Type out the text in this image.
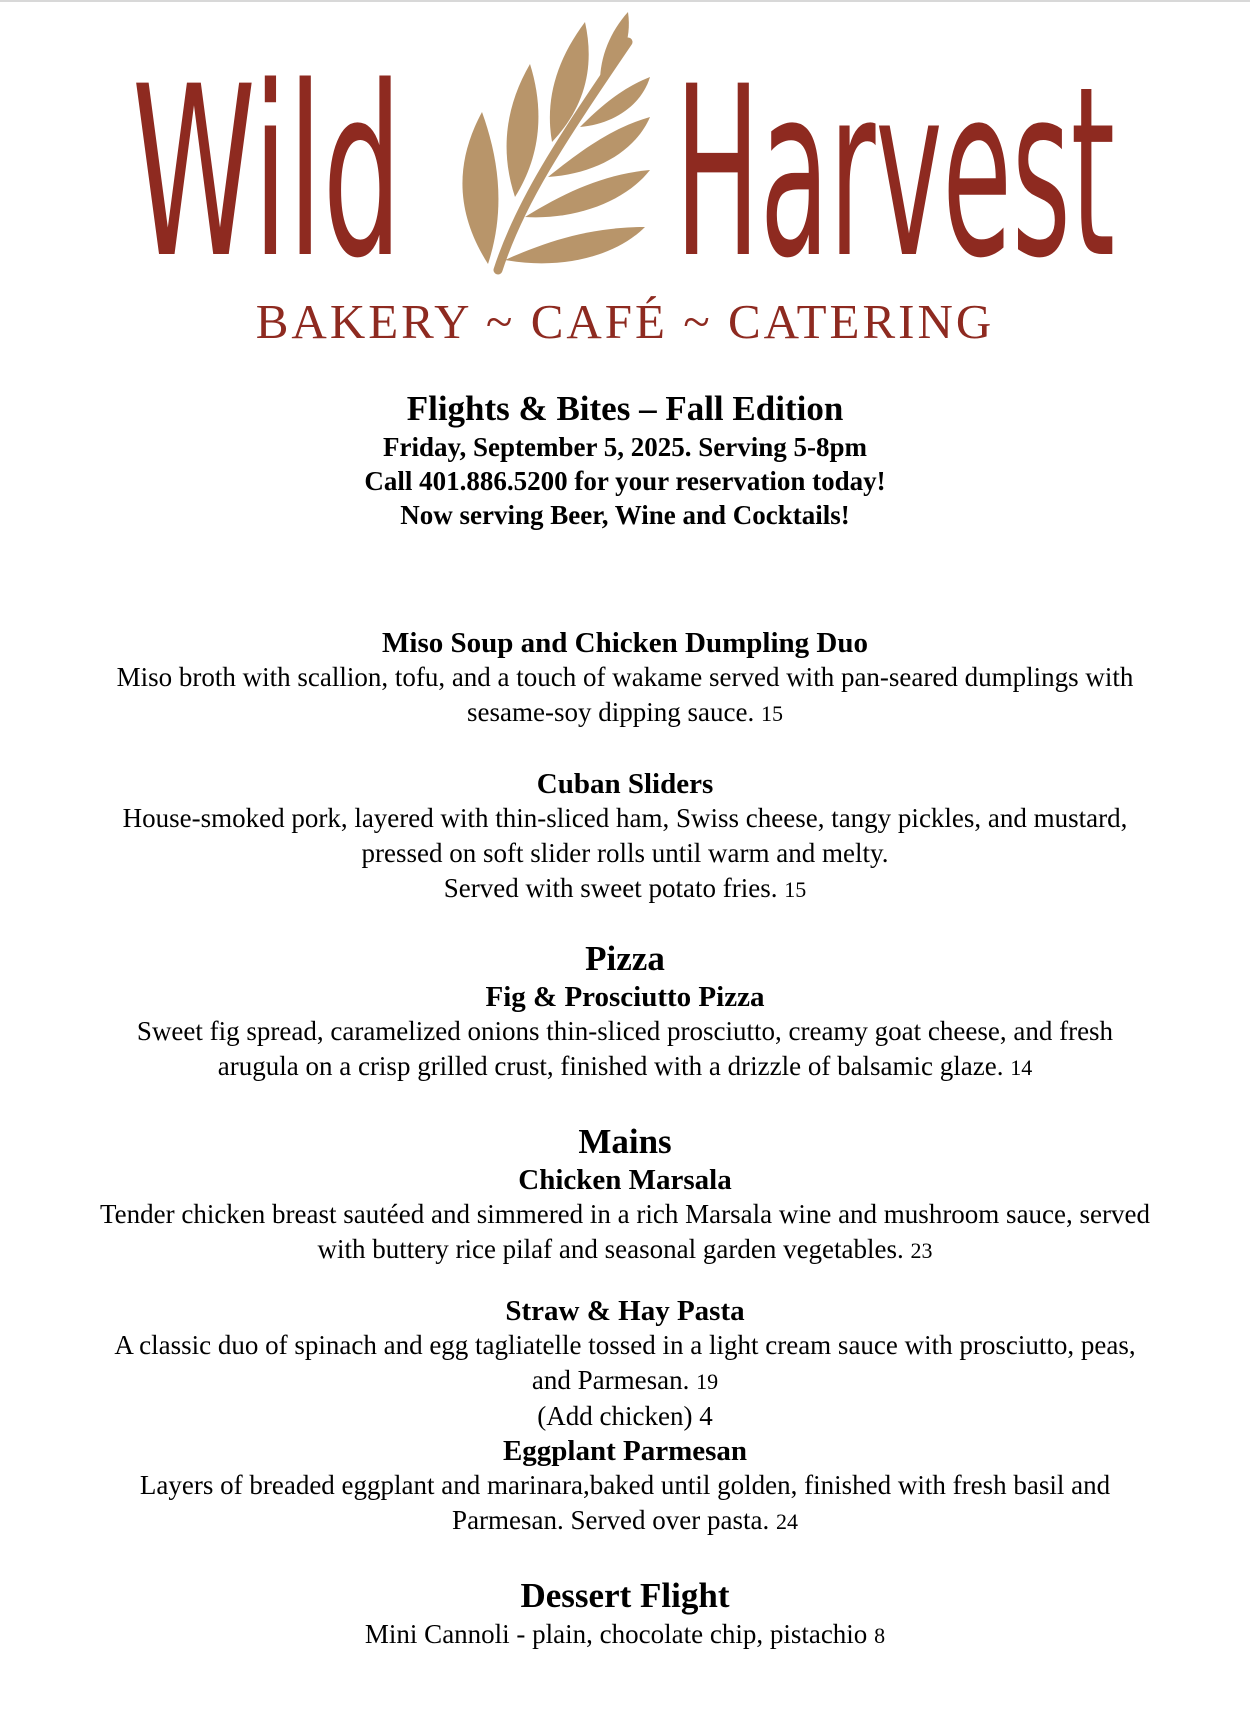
Wild Harvest
BAKERY ~ CAFÉ ~ CATERING
Flights & Bites – Fall Edition
Friday, September 5, 2025. Serving 5-8pm
Call 401.886.5200 for your reservation today!
Now serving Beer, Wine and Cocktails!
Miso Soup and Chicken Dumpling Duo
Miso broth with scallion, tofu, and a touch of wakame served with pan-seared dumplings with
sesame-soy dipping sauce. 15
Cuban Sliders
House-smoked pork, layered with thin-sliced ham, Swiss cheese, tangy pickles, and mustard,
pressed on soft slider rolls until warm and melty.
Served with sweet potato fries. 15
Pizza
Fig & Prosciutto Pizza
Sweet fig spread, caramelized onions thin-sliced prosciutto, creamy goat cheese, and fresh
arugula on a crisp grilled crust, finished with a drizzle of balsamic glaze. 14
Mains
Chicken Marsala
Tender chicken breast sautéed and simmered in a rich Marsala wine and mushroom sauce, served
with buttery rice pilaf and seasonal garden vegetables. 23
Straw & Hay Pasta
A classic duo of spinach and egg tagliatelle tossed in a light cream sauce with prosciutto, peas,
and Parmesan. 19
(Add chicken) 4
Eggplant Parmesan
Layers of breaded eggplant and marinara,baked until golden, finished with fresh basil and
Parmesan. Served over pasta. 24
Dessert Flight
Mini Cannoli - plain, chocolate chip, pistachio 8
